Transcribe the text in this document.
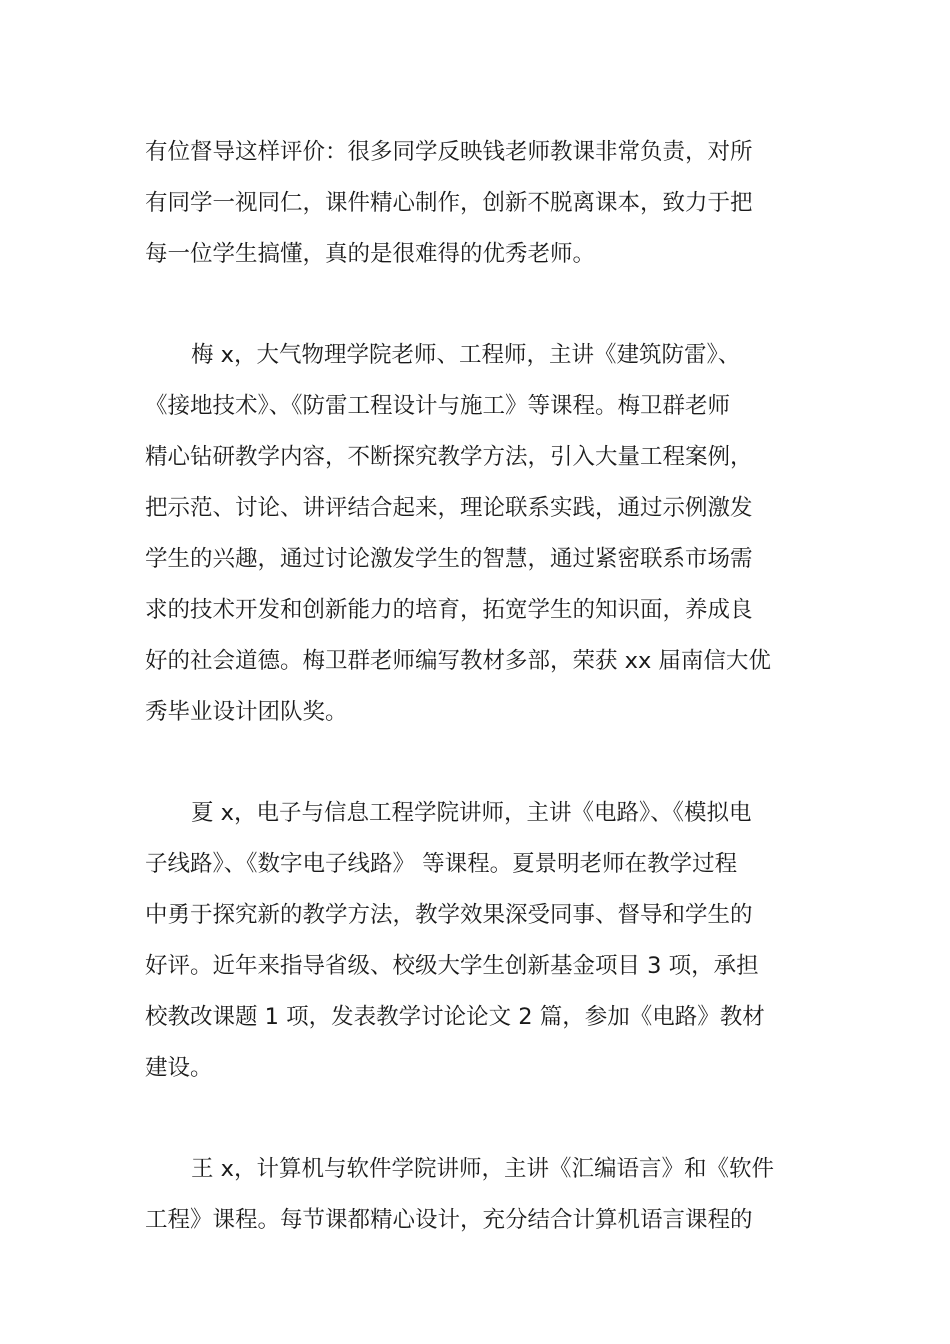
有位督导这样评价：很多同学反映钱老师教课非常负责，对所
有同学一视同仁，课件精心制作，创新不脱离课本，致力于把
每一位学生搞懂，真的是很难得的优秀老师。
梅 x，大气物理学院老师、工程师，主讲《建筑防雷》、
《接地技术》、《防雷工程设计与施工》等课程。梅卫群老师
精心钻研教学内容，不断探究教学方法，引入大量工程案例，
把示范、讨论、讲评结合起来，理论联系实践，通过示例激发
学生的兴趣，通过讨论激发学生的智慧，通过紧密联系市场需
求的技术开发和创新能力的培育，拓宽学生的知识面，养成良
好的社会道德。梅卫群老师编写教材多部，荣获 xx 届南信大优
秀毕业设计团队奖。
夏 x，电子与信息工程学院讲师，主讲《电路》、《模拟电
子线路》、《数字电子线路》 等课程。夏景明老师在教学过程
中勇于探究新的教学方法，教学效果深受同事、督导和学生的
好评。近年来指导省级、校级大学生创新基金项目 3 项，承担
校教改课题 1 项，发表教学讨论论文 2 篇，参加《电路》教材
建设。
王 x，计算机与软件学院讲师，主讲《汇编语言》和《软件
工程》课程。每节课都精心设计，充分结合计算机语言课程的
